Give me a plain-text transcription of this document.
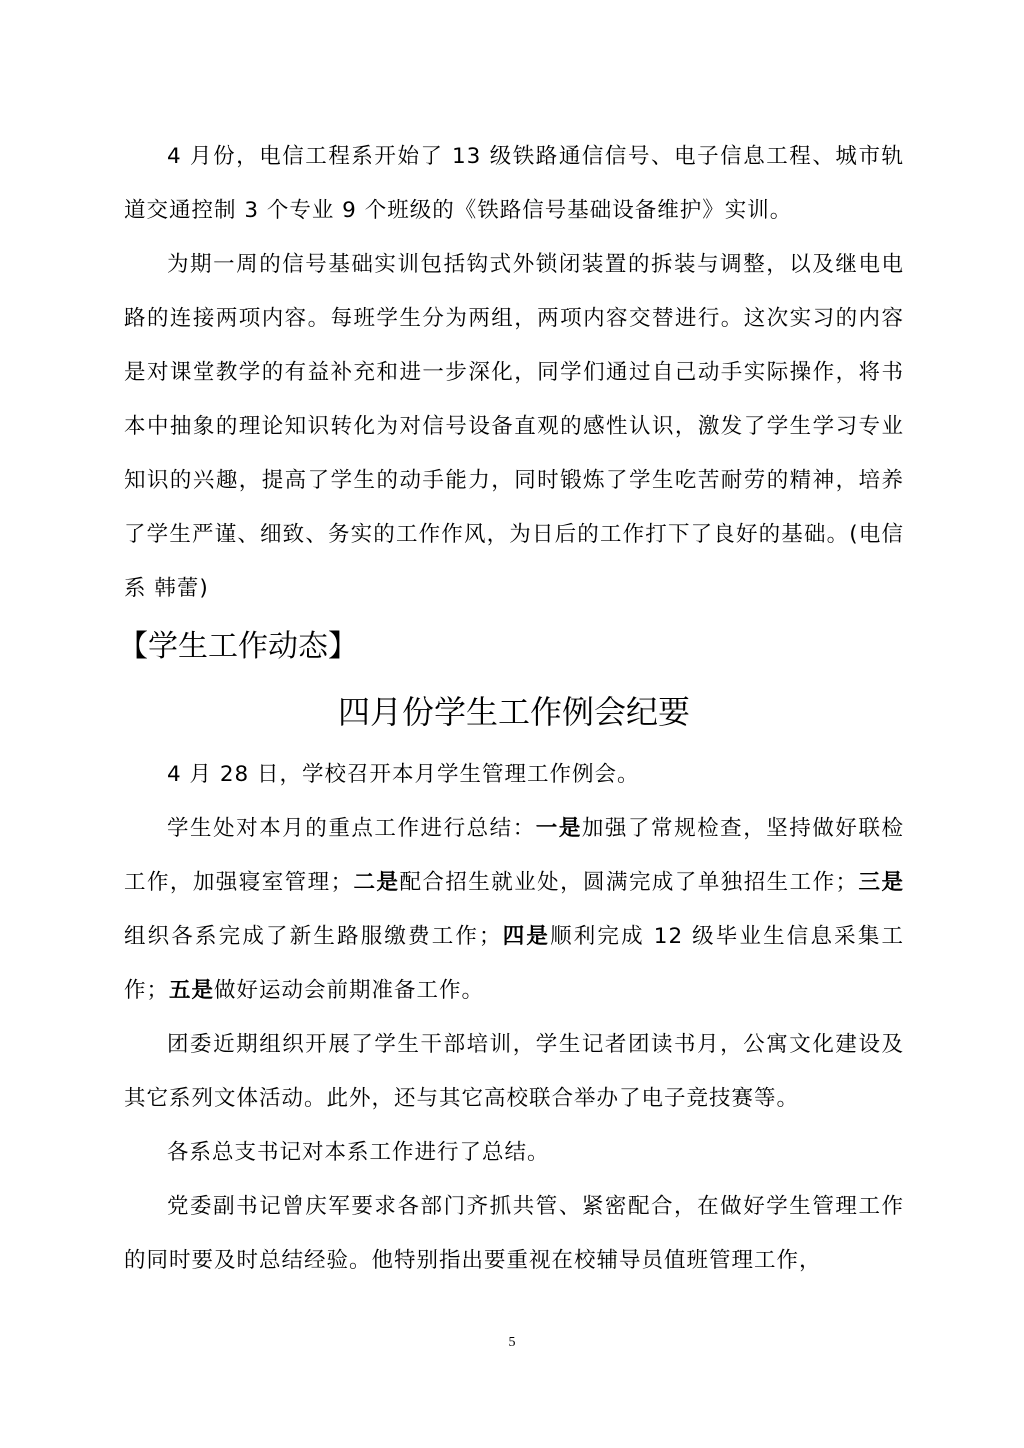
4 月份，电信工程系开始了 13 级铁路通信信号、电子信息工程、城市轨道交通控制 3 个专业 9 个班级的《铁路信号基础设备维护》实训。

为期一周的信号基础实训包括钩式外锁闭装置的拆装与调整，以及继电电路的连接两项内容。每班学生分为两组，两项内容交替进行。这次实习的内容是对课堂教学的有益补充和进一步深化，同学们通过自己动手实际操作，将书本中抽象的理论知识转化为对信号设备直观的感性认识，激发了学生学习专业知识的兴趣，提高了学生的动手能力，同时锻炼了学生吃苦耐劳的精神，培养了学生严谨、细致、务实的工作作风，为日后的工作打下了良好的基础。(电信系 韩蕾)

【学生工作动态】
四月份学生工作例会纪要

4 月 28 日，学校召开本月学生管理工作例会。

学生处对本月的重点工作进行总结：一是加强了常规检查，坚持做好联检工作，加强寝室管理；二是配合招生就业处，圆满完成了单独招生工作；三是组织各系完成了新生路服缴费工作；四是顺利完成 12 级毕业生信息采集工作；五是做好运动会前期准备工作。

团委近期组织开展了学生干部培训，学生记者团读书月，公寓文化建设及其它系列文体活动。此外，还与其它高校联合举办了电子竞技赛等。

各系总支书记对本系工作进行了总结。

党委副书记曾庆军要求各部门齐抓共管、紧密配合，在做好学生管理工作的同时要及时总结经验。他特别指出要重视在校辅导员值班管理工作，

5
